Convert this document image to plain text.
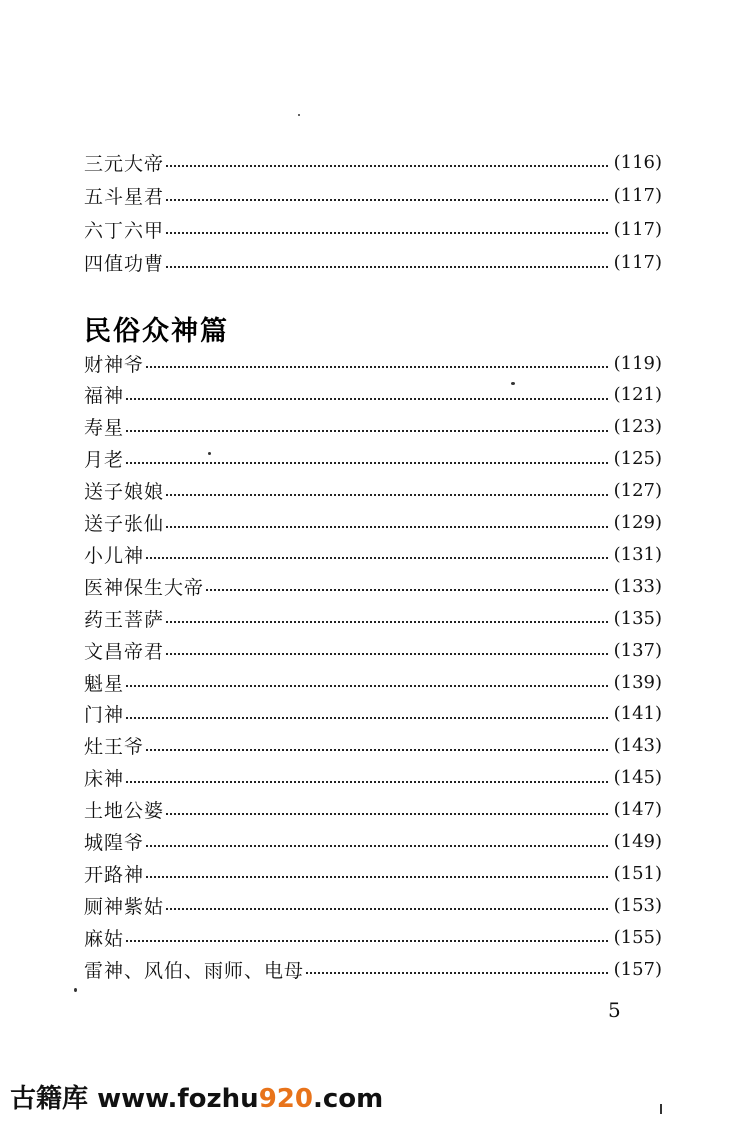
三元大帝	(116)
五斗星君	(117)
六丁六甲	(117)
四值功曹	(117)
民俗众神篇
财神爷	(119)
福神	(121)
寿星	(123)
月老	(125)
送子娘娘	(127)
送子张仙	(129)
小儿神	(131)
医神保生大帝	(133)
药王菩萨	(135)
文昌帝君	(137)
魁星	(139)
门神	(141)
灶王爷	(143)
床神	(145)
土地公婆	(147)
城隍爷	(149)
开路神	(151)
厕神紫姑	(153)
麻姑	(155)
雷神、风伯、雨师、电母	(157)
5
古籍库 www.fozhu920.com
